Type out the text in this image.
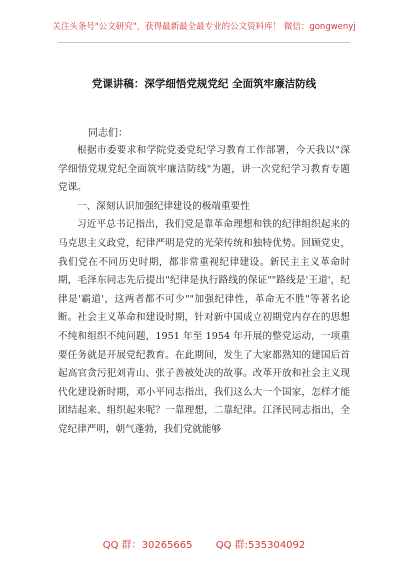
关注头条号"公文研究"，获得最新最全最专业的公文资料库！ 微信：gongwenyj
党课讲稿：深学细悟党规党纪 全面筑牢廉洁防线
同志们：

根据市委要求和学院党委党纪学习教育工作部署，今天我以"深学细悟党规党纪全面筑牢廉洁防线"为题，讲一次党纪学习教育专题党课。

一、深刻认识加强纪律建设的极端重要性

习近平总书记指出，我们党是靠革命理想和铁的纪律组织起来的马克思主义政党，纪律严明是党的光荣传统和独特优势。回顾党史，我们党在不同历史时期，都非常重视纪律建设。新民主主义革命时期，毛泽东同志先后提出"纪律是执行路线的保证""路线是'王道'，纪律是'霸道'，这两者都不可少""加强纪律性，革命无不胜"等著名论断。社会主义革命和建设时期，针对新中国成立初期党内存在的思想不纯和组织不纯问题，1951 年至 1954 年开展的整党运动，一项重要任务就是开展党纪教育。在此期间，发生了大家都熟知的建国后首起高官贪污犯刘青山、张子善被处决的故事。改革开放和社会主义现代化建设新时期，邓小平同志指出，我们这么大一个国家，怎样才能团结起来、组织起来呢？一靠理想，二靠纪律。江泽民同志指出，全党纪律严明，朝气蓬勃，我们党就能够

QQ 群：30265665 QQ 群:535304092
